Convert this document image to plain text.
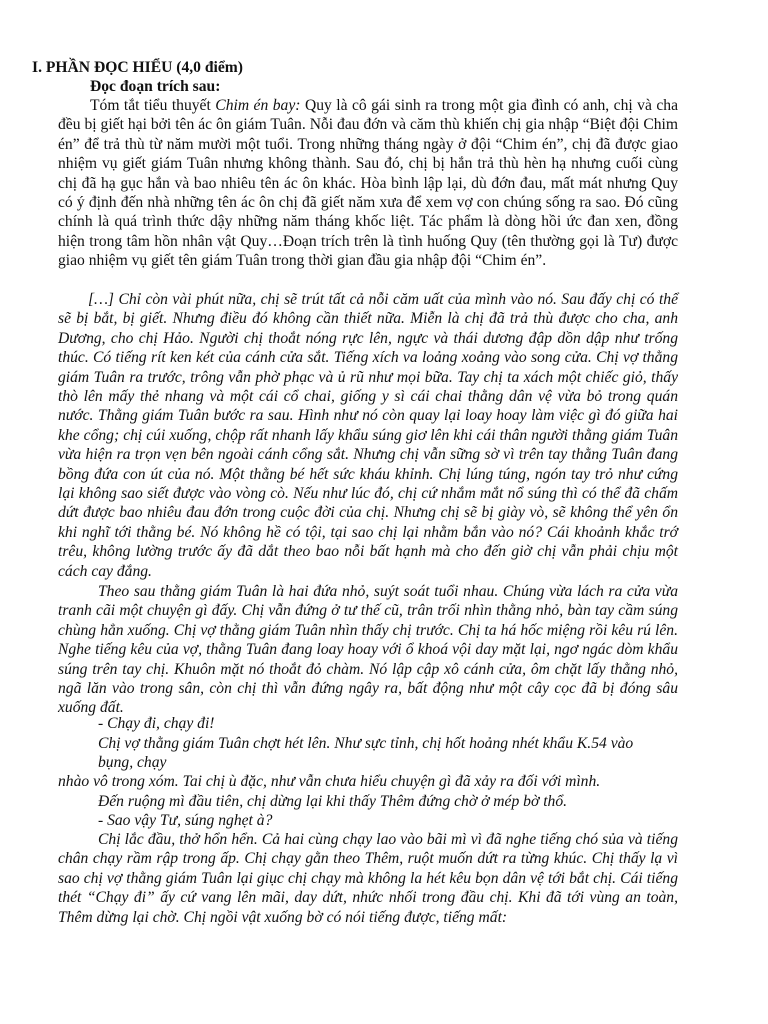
I. PHẦN ĐỌC HIỂU (4,0 điểm)
Đọc đoạn trích sau:
Tóm tắt tiểu thuyết Chim én bay: Quy là cô gái sinh ra trong một gia đình có anh, chị và cha đều bị giết hại bởi tên ác ôn giám Tuân. Nỗi đau đớn và căm thù khiến chị gia nhập “Biệt đội Chim én” để trả thù từ năm mười một tuổi. Trong những tháng ngày ở đội “Chim én”, chị đã được giao nhiệm vụ giết giám Tuân nhưng không thành. Sau đó, chị bị hắn trả thù hèn hạ nhưng cuối cùng chị đã hạ gục hắn và bao nhiêu tên ác ôn khác. Hòa bình lập lại, dù đớn đau, mất mát nhưng Quy có ý định đến nhà những tên ác ôn chị đã giết năm xưa để xem vợ con chúng sống ra sao. Đó cũng chính là quá trình thức dậy những năm tháng khốc liệt. Tác phẩm là dòng hồi ức đan xen, đồng hiện trong tâm hồn nhân vật Quy…Đoạn trích trên là tình huống Quy (tên thường gọi là Tư) được giao nhiệm vụ giết tên giám Tuân trong thời gian đầu gia nhập đội “Chim én”.
[…] Chỉ còn vài phút nữa, chị sẽ trút tất cả nỗi căm uất của mình vào nó. Sau đấy chị có thể sẽ bị bắt, bị giết. Nhưng điều đó không cần thiết nữa. Miễn là chị đã trả thù được cho cha, anh Dương, cho chị Hảo. Người chị thoắt nóng rực lên, ngực và thái dương đập dồn dập như trống thúc. Có tiếng rít ken két của cánh cửa sắt. Tiếng xích va loảng xoảng vào song cửa. Chị vợ thằng giám Tuân ra trước, trông vẫn phờ phạc và ủ rũ như mọi bữa. Tay chị ta xách một chiếc giỏ, thấy thò lên mấy thẻ nhang và một cái cổ chai, giống y sì cái chai thằng dân vệ vừa bỏ trong quán nước. Thằng giám Tuân bước ra sau. Hình như nó còn quay lại loay hoay làm việc gì đó giữa hai khe cổng; chị cúi xuống, chộp rất nhanh lấy khẩu súng giơ lên khi cái thân người thằng giám Tuân vừa hiện ra trọn vẹn bên ngoài cánh cổng sắt. Nhưng chị vẫn sững sờ vì trên tay thằng Tuân đang bồng đứa con út của nó. Một thằng bé hết sức kháu khỉnh. Chị lúng túng, ngón tay trỏ như cứng lại không sao siết được vào vòng cò. Nếu như lúc đó, chị cứ nhắm mắt nổ súng thì có thể đã chấm dứt được bao nhiêu đau đớn trong cuộc đời của chị. Nhưng chị sẽ bị giày vò, sẽ không thể yên ổn khi nghĩ tới thằng bé. Nó không hề có tội, tại sao chị lại nhằm bắn vào nó? Cái khoảnh khắc trớ trêu, không lường trước ấy đã dắt theo bao nỗi bất hạnh mà cho đến giờ chị vẫn phải chịu một cách cay đắng.
Theo sau thằng giám Tuân là hai đứa nhỏ, suýt soát tuổi nhau. Chúng vừa lách ra cửa vừa tranh cãi một chuyện gì đấy. Chị vẫn đứng ở tư thế cũ, trân trối nhìn thằng nhỏ, bàn tay cầm súng chùng hẳn xuống. Chị vợ thằng giám Tuân nhìn thấy chị trước. Chị ta há hốc miệng rồi kêu rú lên. Nghe tiếng kêu của vợ, thằng Tuân đang loay hoay với ổ khoá vội day mặt lại, ngơ ngác dòm khẩu súng trên tay chị. Khuôn mặt nó thoắt đỏ chàm. Nó lập cập xô cánh cửa, ôm chặt lấy thằng nhỏ, ngã lăn vào trong sân, còn chị thì vẫn đứng ngây ra, bất động như một cây cọc đã bị đóng sâu xuống đất.
- Chạy đi, chạy đi!
Chị vợ thằng giám Tuân chợt hét lên. Như sực tỉnh, chị hốt hoảng nhét khẩu K.54 vào
bụng, chạy
nhào vô trong xóm. Tai chị ù đặc, như vẫn chưa hiểu chuyện gì đã xảy ra đối với mình.
Đến ruộng mì đầu tiên, chị dừng lại khi thấy Thêm đứng chờ ở mép bờ thổ.
- Sao vậy Tư, súng nghẹt à?
Chị lắc đầu, thở hổn hển. Cả hai cùng chạy lao vào bãi mì vì đã nghe tiếng chó sủa và tiếng chân chạy rầm rập trong ấp. Chị chạy gằn theo Thêm, ruột muốn dứt ra từng khúc. Chị thấy lạ vì sao chị vợ thằng giám Tuân lại giục chị chạy mà không la hét kêu bọn dân vệ tới bắt chị. Cái tiếng thét “Chạy đi” ấy cứ vang lên mãi, day dứt, nhức nhối trong đầu chị. Khi đã tới vùng an toàn, Thêm dừng lại chờ. Chị ngồi vật xuống bờ có nói tiếng được, tiếng mất:
